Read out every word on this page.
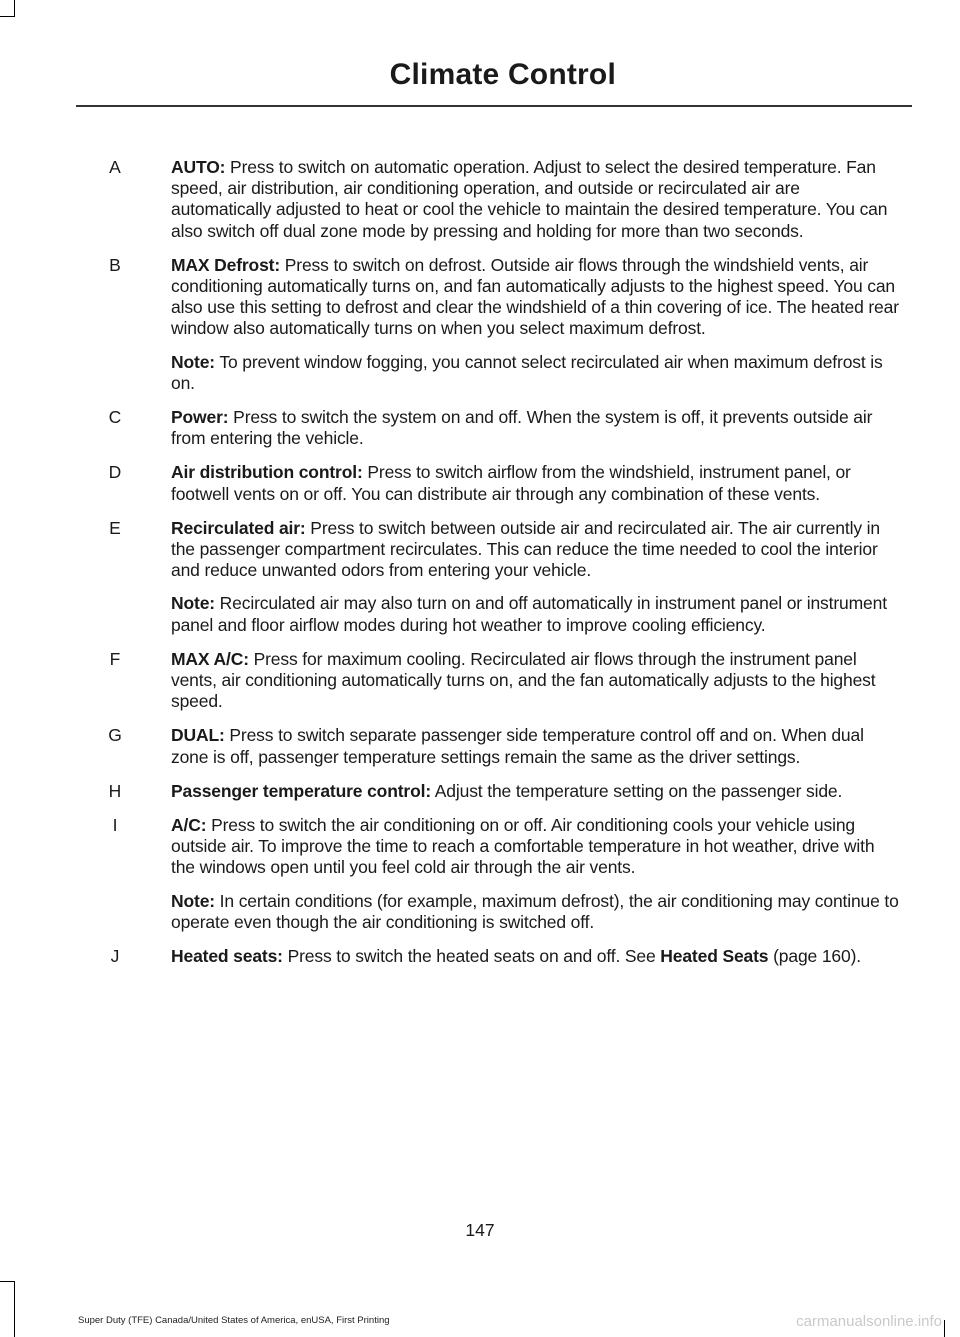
Climate Control
A	AUTO: Press to switch on automatic operation. Adjust to select the desired temperature. Fan speed, air distribution, air conditioning operation, and outside or recirculated air are automatically adjusted to heat or cool the vehicle to maintain the desired temperature. You can also switch off dual zone mode by pressing and holding for more than two seconds.
B	MAX Defrost: Press to switch on defrost. Outside air flows through the windshield vents, air conditioning automatically turns on, and fan automatically adjusts to the highest speed. You can also use this setting to defrost and clear the windshield of a thin covering of ice. The heated rear window also automatically turns on when you select maximum defrost.
Note: To prevent window fogging, you cannot select recirculated air when maximum defrost is on.
C	Power: Press to switch the system on and off. When the system is off, it prevents outside air from entering the vehicle.
D	Air distribution control: Press to switch airflow from the windshield, instrument panel, or footwell vents on or off. You can distribute air through any combination of these vents.
E	Recirculated air: Press to switch between outside air and recirculated air. The air currently in the passenger compartment recirculates. This can reduce the time needed to cool the interior and reduce unwanted odors from entering your vehicle.
Note: Recirculated air may also turn on and off automatically in instrument panel or instrument panel and floor airflow modes during hot weather to improve cooling efficiency.
F	MAX A/C: Press for maximum cooling. Recirculated air flows through the instrument panel vents, air conditioning automatically turns on, and the fan automatically adjusts to the highest speed.
G	DUAL: Press to switch separate passenger side temperature control off and on. When dual zone is off, passenger temperature settings remain the same as the driver settings.
H	Passenger temperature control: Adjust the temperature setting on the passenger side.
I	A/C: Press to switch the air conditioning on or off. Air conditioning cools your vehicle using outside air. To improve the time to reach a comfortable temperature in hot weather, drive with the windows open until you feel cold air through the air vents.
Note: In certain conditions (for example, maximum defrost), the air conditioning may continue to operate even though the air conditioning is switched off.
J	Heated seats: Press to switch the heated seats on and off. See Heated Seats (page 160).
147
Super Duty (TFE) Canada/United States of America, enUSA, First Printing	carmanualsonline.info
